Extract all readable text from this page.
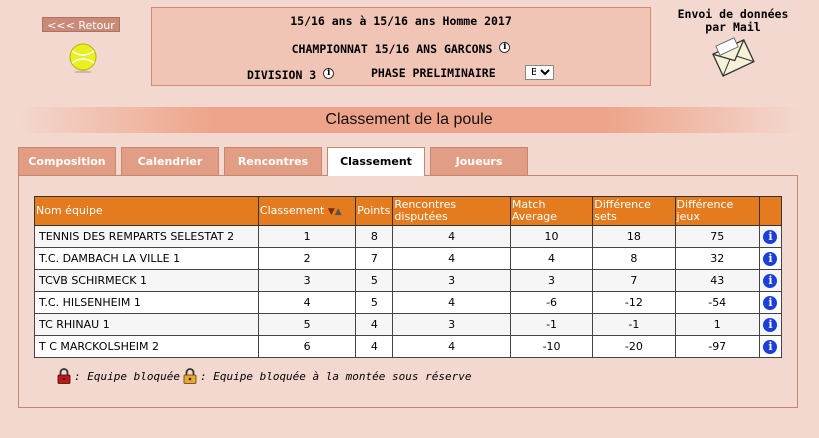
<<< Retour	15/16 ans à 15/16 ans Homme 2017
CHAMPIONNAT 15/16 ANS GARCONS i
DIVISION 3 i	PHASE PRELIMINAIRE
B
Envoi de données
par Mail
Classement de la poule
Composition	Calendrier	Rencontres	Classement	Joueurs
Nom équipe	Classement ▼▲	Points	Rencontres disputées	Match Average	Différence sets	Différence jeux	
TENNIS DES REMPARTS SELESTAT 2	1	8	4	10	18	75	i
T.C. DAMBACH LA VILLE 1	2	7	4	4	8	32	i
TCVB SCHIRMECK 1	3	5	3	3	7	43	i
T.C. HILSENHEIM 1	4	5	4	-6	-12	-54	i
TC RHINAU 1	5	4	3	-1	-1	1	i
T C MARCKOLSHEIM 2	6	4	4	-10	-20	-97	i
: Equipe bloquée : Equipe bloquée à la montée sous réserve
